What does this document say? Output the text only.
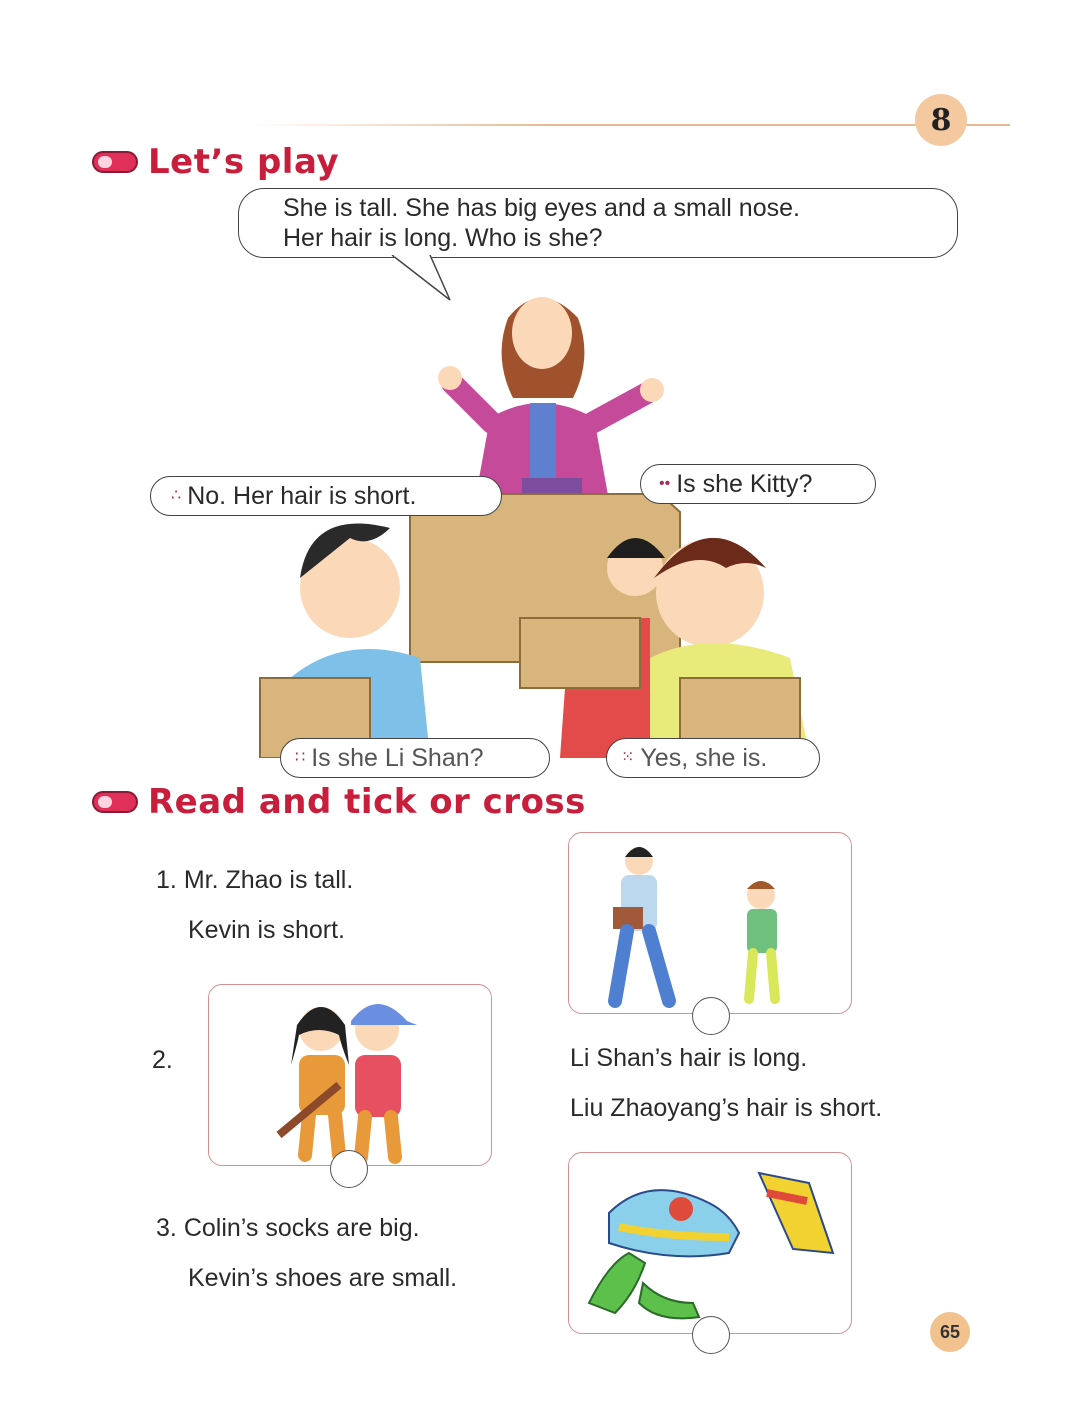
8
Let’s play
She is tall. She has big eyes and a small nose.
Her hair is long. Who is she?
∴ No. Her hair is short.	•• Is she Kitty?
∷ Is she Li Shan?	⁙ Yes, she is.
Read and tick or cross
1. Mr. Zhao is tall.
Kevin is short.
2.	Li Shan’s hair is long.
Liu Zhaoyang’s hair is short.
3. Colin’s socks are big.
Kevin’s shoes are small.
65
